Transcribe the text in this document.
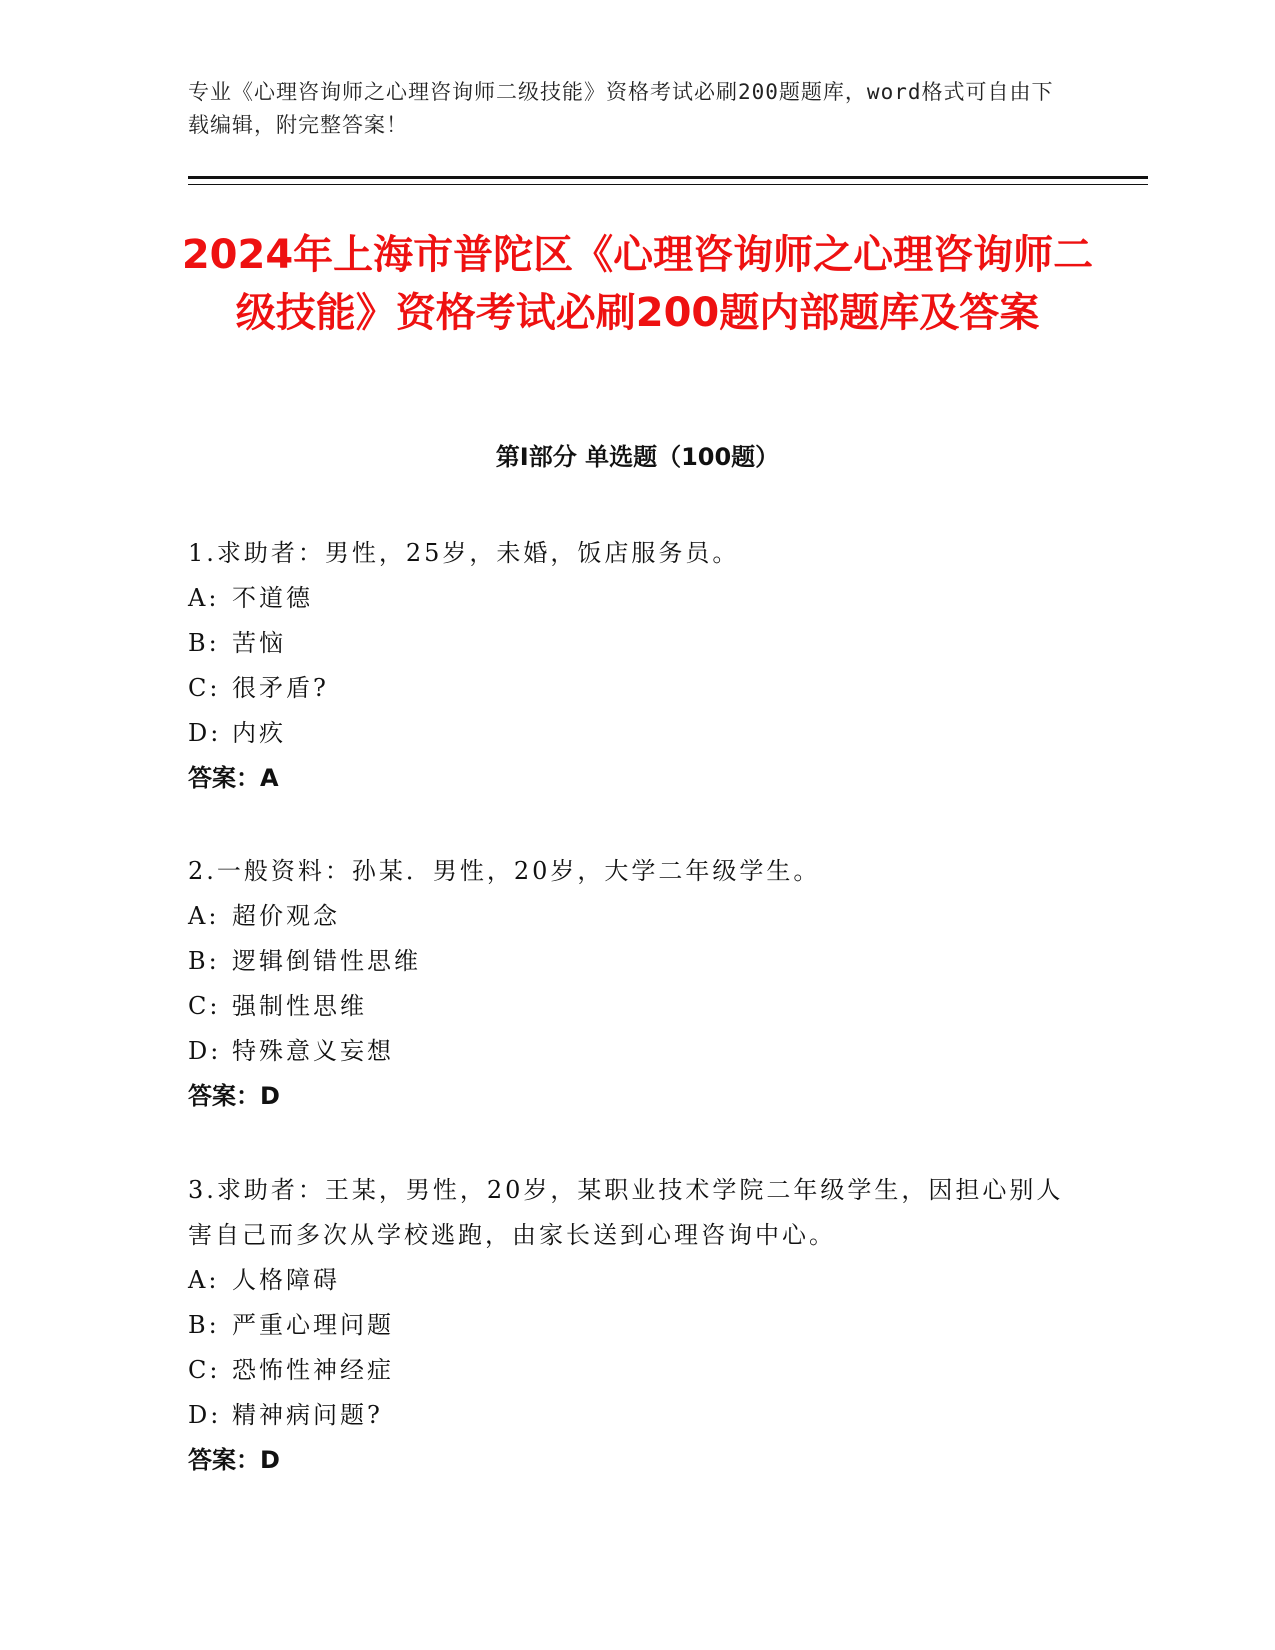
专业《心理咨询师之心理咨询师二级技能》资格考试必刷200题题库，word格式可自由下载编辑，附完整答案！
2024年上海市普陀区《心理咨询师之心理咨询师二级技能》资格考试必刷200题内部题库及答案
第Ⅰ部分 单选题（100题）
1.求助者：男性，25岁，未婚，饭店服务员。
A: 不道德
B: 苦恼
C: 很矛盾?
D: 内疚
答案：A
2.一般资料：孙某．男性，20岁，大学二年级学生。
A: 超价观念
B: 逻辑倒错性思维
C: 强制性思维
D: 特殊意义妄想
答案：D
3.求助者：王某，男性，20岁，某职业技术学院二年级学生，因担心别人害自己而多次从学校逃跑，由家长送到心理咨询中心。
A: 人格障碍
B: 严重心理问题
C: 恐怖性神经症
D: 精神病问题?
答案：D
